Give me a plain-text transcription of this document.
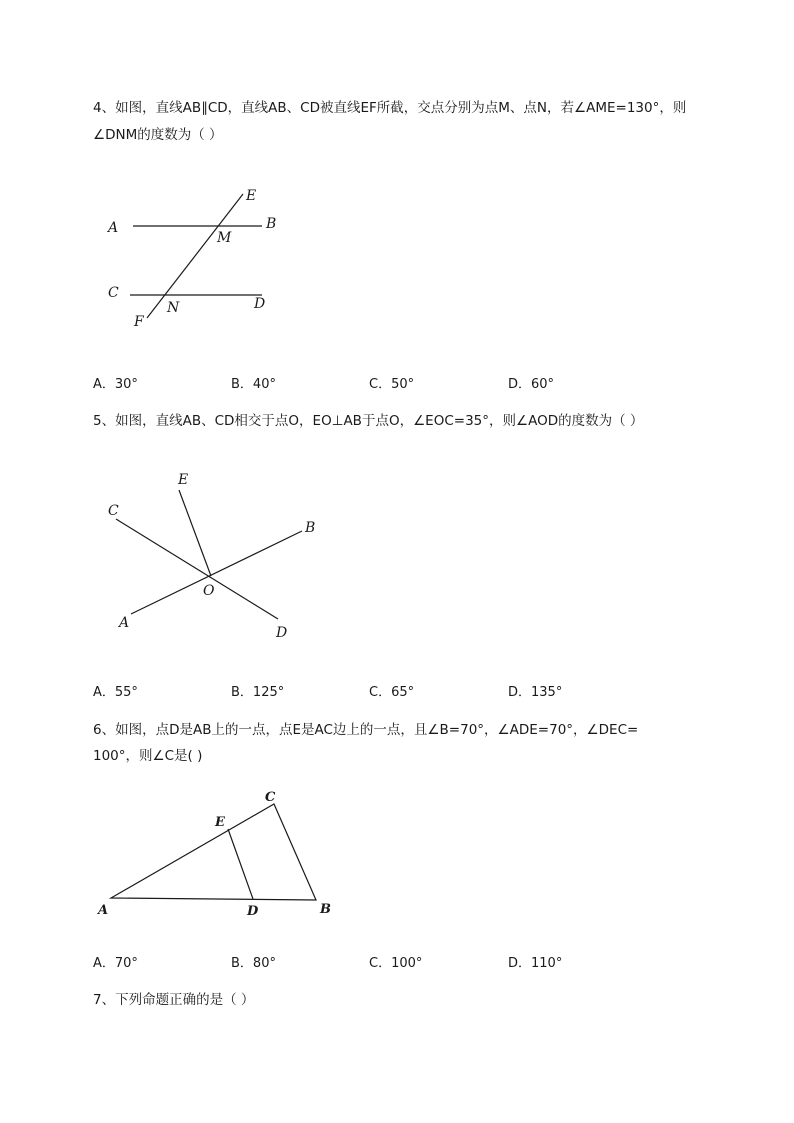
4、如图，直线AB∥CD，直线AB、CD被直线EF所截，交点分别为点M、点N，若∠AME=130°，则
∠DNM的度数为（ ）
A	B
C
D
E
F
M
N
A．30°	B．40°	C．50°	D．60°
5、如图，直线AB、CD相交于点O，EO⊥AB于点O，∠EOC=35°，则∠AOD的度数为（ ）
A
B
C
D
E
O
A．55°	B．125°	C．65°	D．135°
6、如图，点D是AB上的一点，点E是AC边上的一点，且∠B=70°，∠ADE=70°，∠DEC=
100°，则∠C是( )
A	B
C
D
E
A．70°	B．80°	C．100°	D．110°
7、下列命题正确的是（ ）
